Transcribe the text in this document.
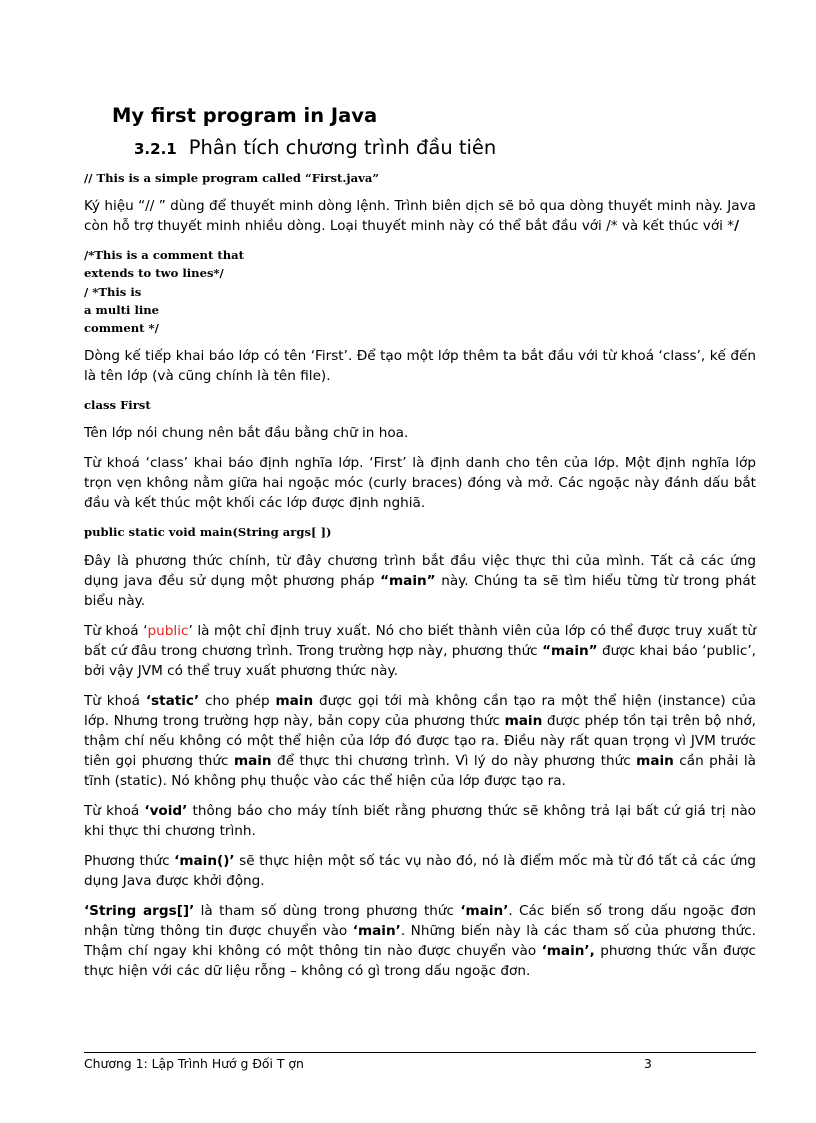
My first program in Java
3.2.1 Phân tích chương trình đầu tiên
// This is a simple program called “First.java”

Ký hiệu “// ” dùng để thuyết minh dòng lệnh. Trình biên dịch sẽ bỏ qua dòng thuyết minh này. Java còn hỗ trợ thuyết minh nhiều dòng. Loại thuyết minh này có thể bắt đầu với /* và kết thúc với */

/*This is a comment that
extends to two lines*/
/ *This is
a multi line
comment */

Dòng kế tiếp khai báo lớp có tên ‘First’. Để tạo một lớp thêm ta bắt đầu với từ khoá ‘class’, kế đến là tên lớp (và cũng chính là tên file).

class First

Tên lớp nói chung nên bắt đầu bằng chữ in hoa.

Từ khoá ‘class’ khai báo định nghĩa lớp. ‘First’ là định danh cho tên của lớp. Một định nghĩa lớp trọn vẹn không nằm giữa hai ngoặc móc (curly braces) đóng và mở. Các ngoặc này đánh dấu bắt đầu và kết thúc một khối các lớp được định nghiã.

public static void main(String args[ ])

Đây là phương thức chính, từ đây chương trình bắt đầu việc thực thi của mình. Tất cả các ứng dụng java đều sử dụng một phương pháp “main” này. Chúng ta sẽ tìm hiểu từng từ trong phát biểu này.

Từ khoá ‘public’ là một chỉ định truy xuất. Nó cho biết thành viên của lớp có thể được truy xuất từ bất cứ đâu trong chương trình. Trong trường hợp này, phương thức “main” được khai báo ‘public’, bởi vậy JVM có thể truy xuất phương thức này.

Từ khoá ‘static’ cho phép main được gọi tới mà không cần tạo ra một thể hiện (instance) của lớp. Nhưng trong trường hợp này, bản copy của phương thức main được phép tồn tại trên bộ nhớ, thậm chí nếu không có một thể hiện của lớp đó được tạo ra. Điều này rất quan trọng vì JVM trước tiên gọi phương thức main để thực thi chương trình. Vì lý do này phương thức main cần phải là tĩnh (static). Nó không phụ thuộc vào các thể hiện của lớp được tạo ra.

Từ khoá ‘void’ thông báo cho máy tính biết rằng phương thức sẽ không trả lại bất cứ giá trị nào khi thực thi chương trình.

Phương thức ‘main()’ sẽ thực hiện một số tác vụ nào đó, nó là điểm mốc mà từ đó tất cả các ứng dụng Java được khởi động.

‘String args[]’ là tham số dùng trong phương thức ‘main’. Các biến số trong dấu ngoặc đơn nhận từng thông tin được chuyển vào ‘main’. Những biến này là các tham số của phương thức. Thậm chí ngay khi không có một thông tin nào được chuyển vào ‘main’, phương thức vẫn được thực hiện với các dữ liệu rỗng – không có gì trong dấu ngoặc đơn.

Chương 1: Lập Trình Hướ g Đối T ợn	3
